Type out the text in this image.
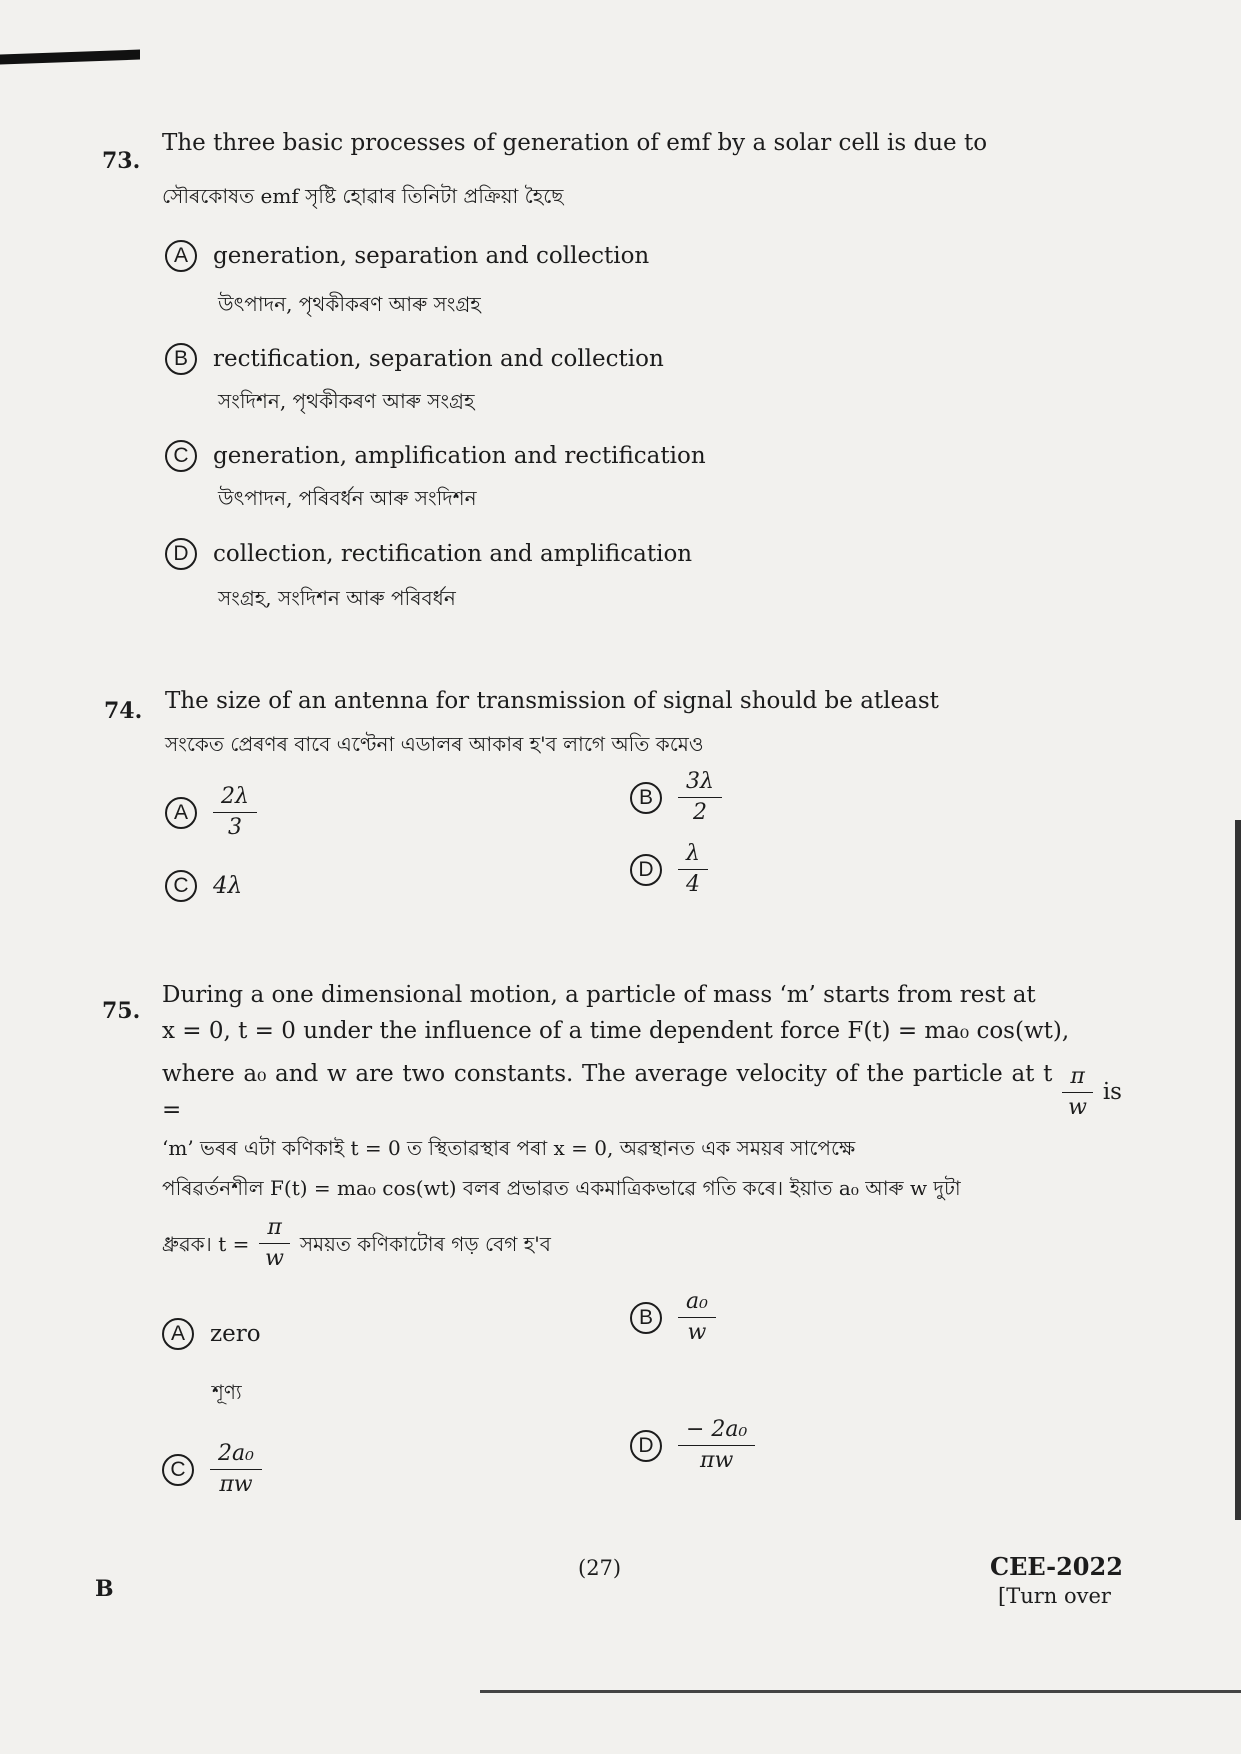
73.
The three basic processes of generation of emf by a solar cell is due to
সৌৰকোষত emf সৃষ্টি হোৱাৰ তিনিটা প্ৰক্ৰিয়া হৈছে
A	generation, separation and collection
উৎপাদন, পৃথকীকৰণ আৰু সংগ্ৰহ
B	rectification, separation and collection
সংদিশন, পৃথকীকৰণ আৰু সংগ্ৰহ
C	generation, amplification and rectification
উৎপাদন, পৰিবৰ্ধন আৰু সংদিশন
D	collection, rectification and amplification
সংগ্ৰহ, সংদিশন আৰু পৰিবৰ্ধন
74. The size of an antenna for transmission of signal should be atleast
সংকেত প্ৰেৰণৰ বাবে এণ্টেনা এডালৰ আকাৰ হ'ব লাগে অতি কমেও
A	$\frac{2\lambda}{3}$	B	$\frac{3\lambda}{2}$
C	4λ
D	$\frac{\lambda}{4}$
75.
During a one dimensional motion, a particle of mass ‘m’ starts from rest at
x = 0, t = 0 under the influence of a time dependent force F(t) = ma₀ cos(wt),
where a₀ and w are two constants. The average velocity of the particle at t =	$\frac{\pi}{w}$ is
‘m’ ভৰৰ এটা কণিকাই t = 0 ত স্থিতাৱস্থাৰ পৰা x = 0, অৱস্থানত এক সময়ৰ সাপেক্ষে
পৰিৱৰ্তনশীল F(t) = ma₀ cos(wt) বলৰ প্ৰভাৱত একমাত্ৰিকভাৱে গতি কৰে। ইয়াত a₀ আৰু w দুটা
ধ্ৰুৱক। $t = \frac{\pi}{w}$ সময়ত কণিকাটোৰ গড় বেগ হ'ব
A	zero
শূণ্য
B	$\frac{\text{a₀}}{w}$
C	$\frac{\text{2a₀}}{\pi w}$	D	$\frac{\text{− 2a₀}}{\pi w}$
B
(27)	CEE-2022
[Turn over
